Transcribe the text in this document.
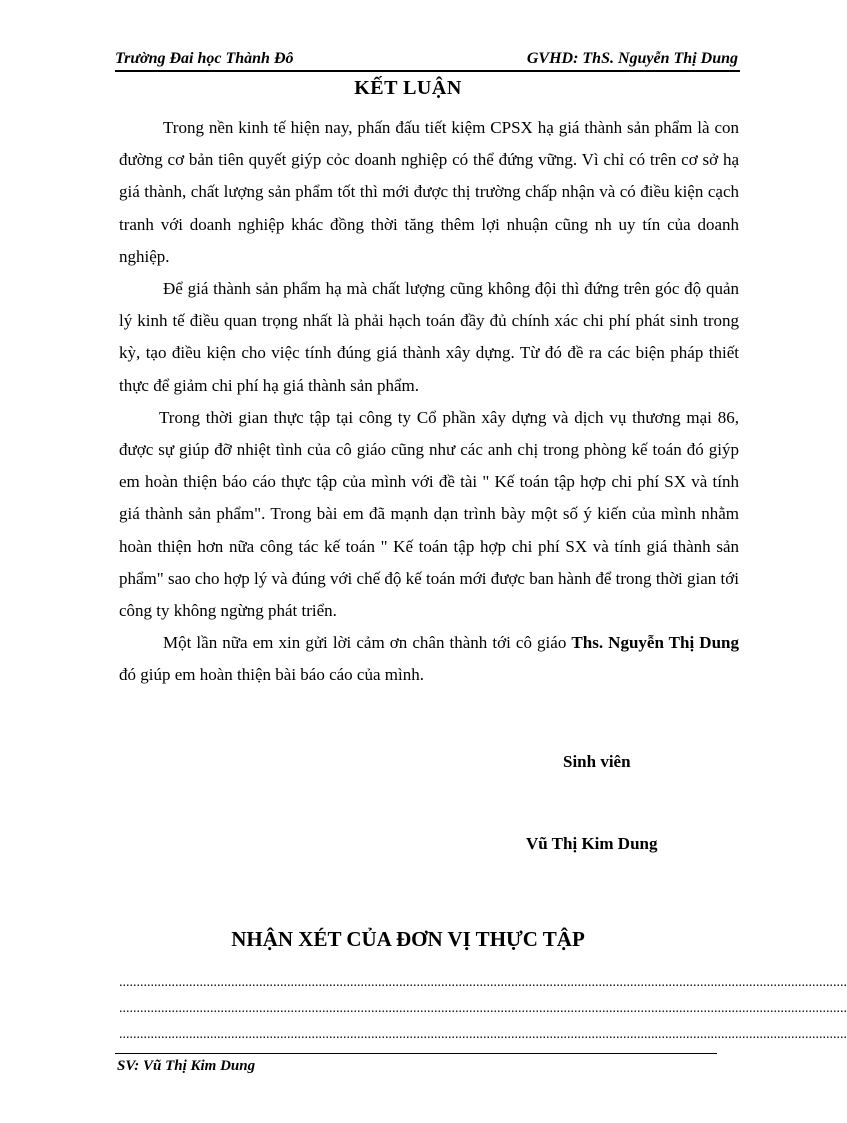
Trường Đai học Thành Đô	GVHD: ThS. Nguyễn Thị Dung
KẾT LUẬN

Trong nền kinh tế hiện nay, phấn đấu tiết kiệm CPSX hạ giá thành sản phẩm là con đường cơ bản tiên quyết giýp cỏc doanh nghiệp có thể đứng vững. Vì chỉ có trên cơ sở hạ giá thành, chất lượng sản phẩm tốt thì mới được thị trường chấp nhận và có điều kiện cạch tranh với doanh nghiệp khác đồng thời tăng thêm lợi nhuận cũng nh uy tín của doanh nghiệp.

Để giá thành sản phẩm hạ mà chất lượng cũng không đội thì đứng trên góc độ quản lý kinh tế điều quan trọng nhất là phải hạch toán đầy đủ chính xác chi phí phát sinh trong kỳ, tạo điều kiện cho việc tính đúng giá thành xây dựng. Từ đó đề ra các biện pháp thiết thực để giảm chi phí hạ giá thành sản phẩm.

Trong thời gian thực tập tại công ty Cổ phần xây dựng và dịch vụ thương mại 86, được sự giúp đỡ nhiệt tình của cô giáo cũng như các anh chị trong phòng kế toán đó giýp em hoàn thiện báo cáo thực tập của mình với đề tài " Kế toán tập hợp chi phí SX và tính giá thành sản phẩm". Trong bài em đã mạnh dạn trình bày một số ý kiến của mình nhằm hoàn thiện hơn nữa công tác kế toán " Kế toán tập hợp chi phí SX và tính giá thành sản phẩm" sao cho hợp lý và đúng với chế độ kế toán mới được ban hành để trong thời gian tới công ty không ngừng phát triển.

Một lần nữa em xin gửi lời cảm ơn chân thành tới cô giáo Ths. Nguyễn Thị Dung đó giúp em hoàn thiện bài báo cáo của mình.

Sinh viên
Vũ Thị Kim Dung
NHẬN XÉT CỦA ĐƠN VỊ THỰC TẬP
................................................................................................................................................................................................................
................................................................................................................................................................................................................
................................................................................................................................................................................................................
SV: Vũ Thị Kim Dung
